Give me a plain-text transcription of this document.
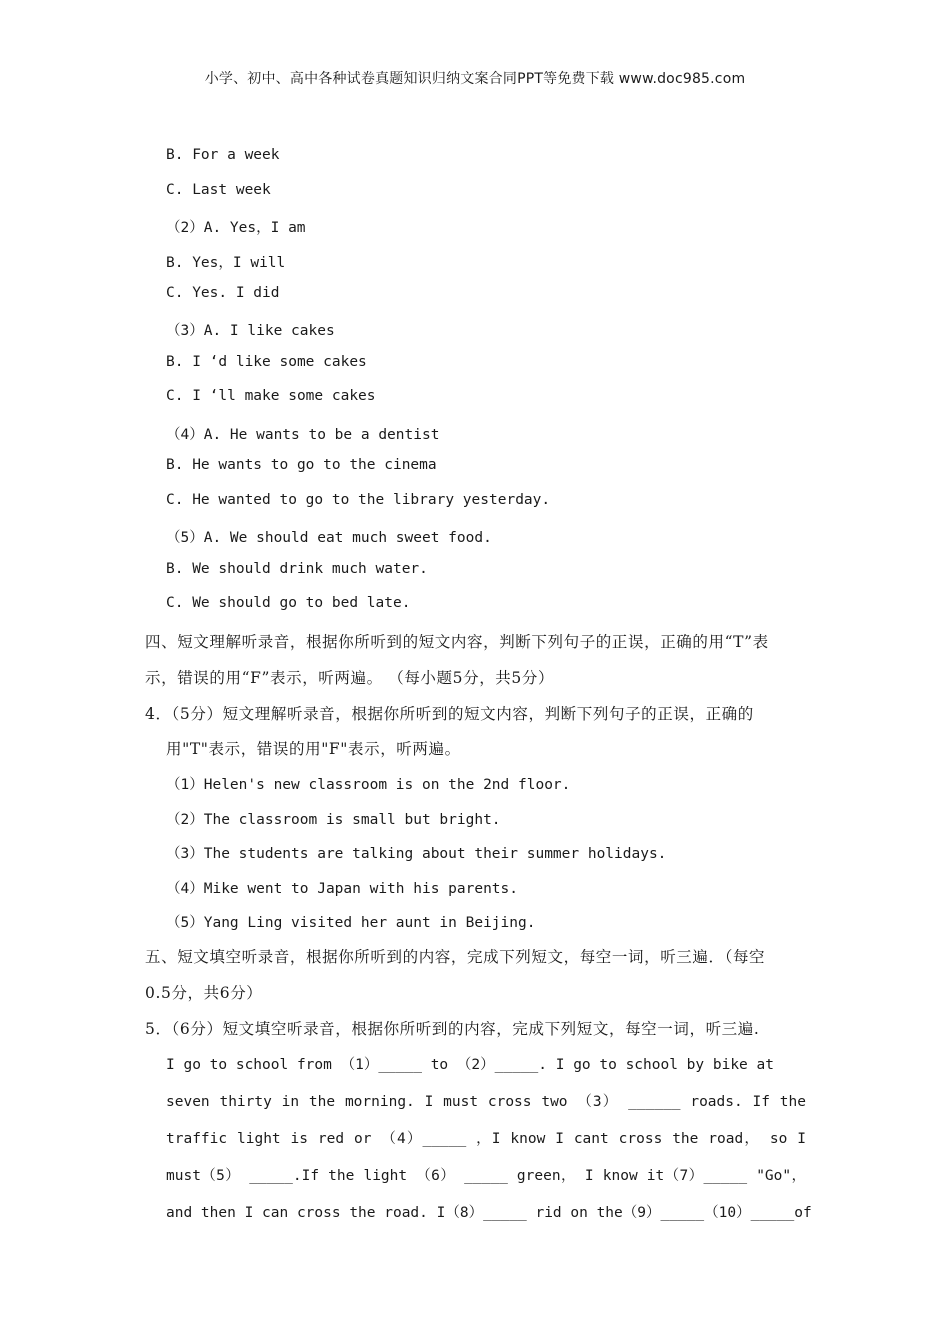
小学、初中、高中各种试卷真题知识归纳文案合同PPT等免费下载 www.doc985.com
B. For a week
C. Last week
（2）A. Yes，I am
B. Yes，I will
C. Yes. I did
（3）A. I like cakes
B. I ‘d like some cakes
C. I ‘ll make some cakes
（4）A. He wants to be a dentist
B. He wants to go to the cinema
C. He wanted to go to the library yesterday.
（5）A. We should eat much sweet food.
B. We should drink much water.
C. We should go to bed late.
四、短文理解听录音，根据你所听到的短文内容，判断下列句子的正误，正确的用“T”表
示，错误的用“F”表示，听两遍。 （每小题5分，共5分）
4．（5分）短文理解听录音，根据你所听到的短文内容，判断下列句子的正误，正确的
用"T"表示，错误的用"F"表示，听两遍。
（1）Helen's new classroom is on the 2nd floor.
（2）The classroom is small but bright.
（3）The students are talking about their summer holidays.
（4）Mike went to Japan with his parents.
（5）Yang Ling visited her aunt in Beijing.
五、短文填空听录音，根据你所听到的内容，完成下列短文，每空一词，听三遍．（每空
0.5分，共6分）
5．（6分）短文填空听录音，根据你所听到的内容，完成下列短文，每空一词，听三遍.
I go to school from （1）_____ to （2）_____. I go to school by bike at
seven thirty in the morning. I must cross two （3） ______ roads. If the
traffic light is red or （4）_____ ，I know I cant cross the road， so I
must（5） _____.If the light （6） _____ green， I know it（7）_____ "Go"，
and then I can cross the road. I（8）_____ rid on the（9）_____（10）_____of
